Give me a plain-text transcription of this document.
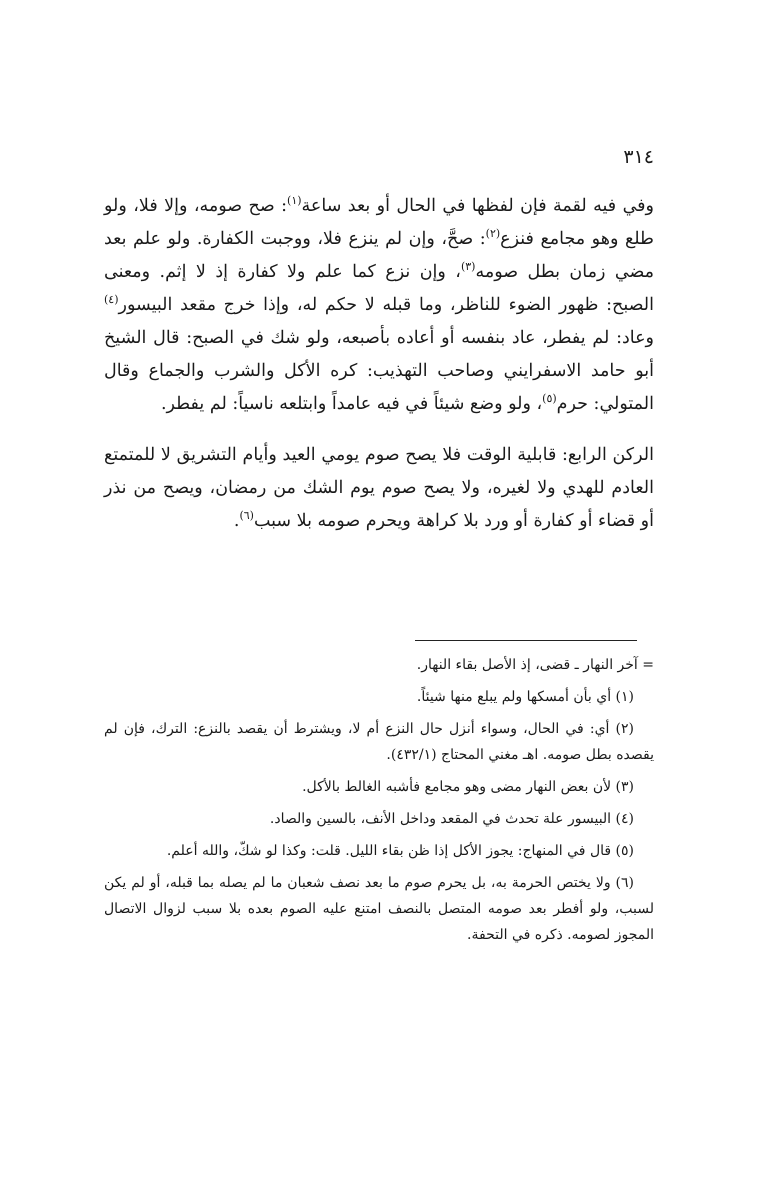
٣١٤

وفي فيه لقمة فإن لفظها في الحال أو بعد ساعة$^{(١)}$: صح صومه، وإلا فلا، ولو طلع وهو مجامع فنزع$^{(٢)}$: صحَّ، وإن لم ينزع فلا، ووجبت الكفارة. ولو علم بعد مضي زمان بطل صومه$^{(٣)}$، وإن نزع كما علم ولا كفارة إذ لا إثم. ومعنى الصبح: ظهور الضوء للناظر، وما قبله لا حكم له، وإذا خرج مقعد البيسور$^{(٤)}$ وعاد: لم يفطر، عاد بنفسه أو أعاده بأصبعه، ولو شك في الصبح: قال الشيخ أبو حامد الاسفرايني وصاحب التهذيب: كره الأكل والشرب والجماع وقال المتولي: حرم$^{(٥)}$، ولو وضع شيئاً في فيه عامداً وابتلعه ناسياً: لم يفطر.

الركن الرابع: قابلية الوقت فلا يصح صوم يومي العيد وأيام التشريق لا للمتمتع العادم للهدي ولا لغيره، ولا يصح صوم يوم الشك من رمضان، ويصح من نذر أو قضاء أو كفارة أو ورد بلا كراهة ويحرم صومه بلا سبب$^{(٦)}$.

= آخر النهار ـ قضى، إذ الأصل بقاء النهار.

(١) أي بأن أمسكها ولم يبلع منها شيئاً.

(٢) أي: في الحال، وسواء أنزل حال النزع أم لا، ويشترط أن يقصد بالنزع: الترك، فإن لم يقصده بطل صومه. اهـ مغني المحتاج (٤٣٢/١).

(٣) لأن بعض النهار مضى وهو مجامع فأشبه الغالط بالأكل.

(٤) البيسور علة تحدث في المقعد وداخل الأنف، بالسين والصاد.

(٥) قال في المنهاج: يجوز الأكل إذا ظن بقاء الليل. قلت: وكذا لو شكّ، والله أعلم.

(٦) ولا يختص الحرمة به، بل يحرم صوم ما بعد نصف شعبان ما لم يصله بما قبله، أو لم يكن لسبب، ولو أفطر بعد صومه المتصل بالنصف امتنع عليه الصوم بعده بلا سبب لزوال الاتصال المجوز لصومه. ذكره في التحفة.
